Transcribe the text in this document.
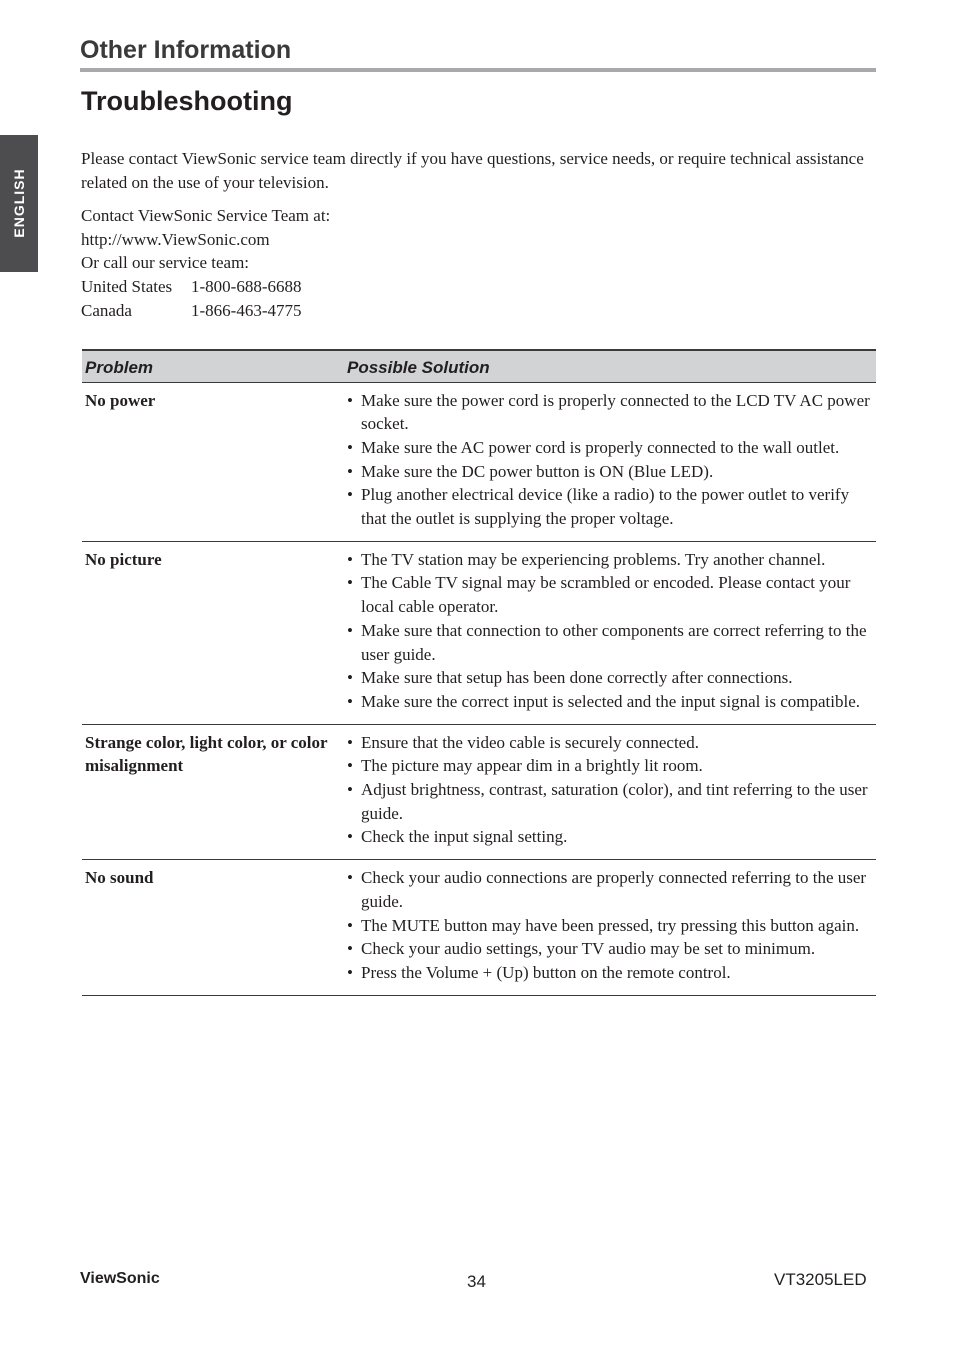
Other Information
Troubleshooting
ENGLISH

Please contact ViewSonic service team directly if you have questions, service needs, or require technical assistance related on the use of your television.

Contact ViewSonic Service Team at:
http://www.ViewSonic.com
Or call our service team:
United States 1-800-688-6688
Canada	1-866-463-4775
Problem	Possible Solution
No power	• Make sure the power cord is properly connected to the LCD TV AC power socket.
• Make sure the AC power cord is properly connected to the wall outlet.
• Make sure the DC power button is ON (Blue LED).
• Plug another electrical device (like a radio) to the power outlet to verify that the outlet is supplying the proper voltage.

No picture	• The TV station may be experiencing problems. Try another channel.
• The Cable TV signal may be scrambled or encoded. Please contact your local cable operator.
• Make sure that connection to other components are correct referring to the user guide.
• Make sure that setup has been done correctly after connections.
• Make sure the correct input is selected and the input signal is compatible.

Strange color, light color, or color misalignment	• Ensure that the video cable is securely connected.
• The picture may appear dim in a brightly lit room.
• Adjust brightness, contrast, saturation (color), and tint referring to the user guide.
• Check the input signal setting.

No sound	• Check your audio connections are properly connected referring to the user guide.
• The MUTE button may have been pressed, try pressing this button again.
• Check your audio settings, your TV audio may be set to minimum.
• Press the Volume + (Up) button on the remote control.
ViewSonic	34	VT3205LED
